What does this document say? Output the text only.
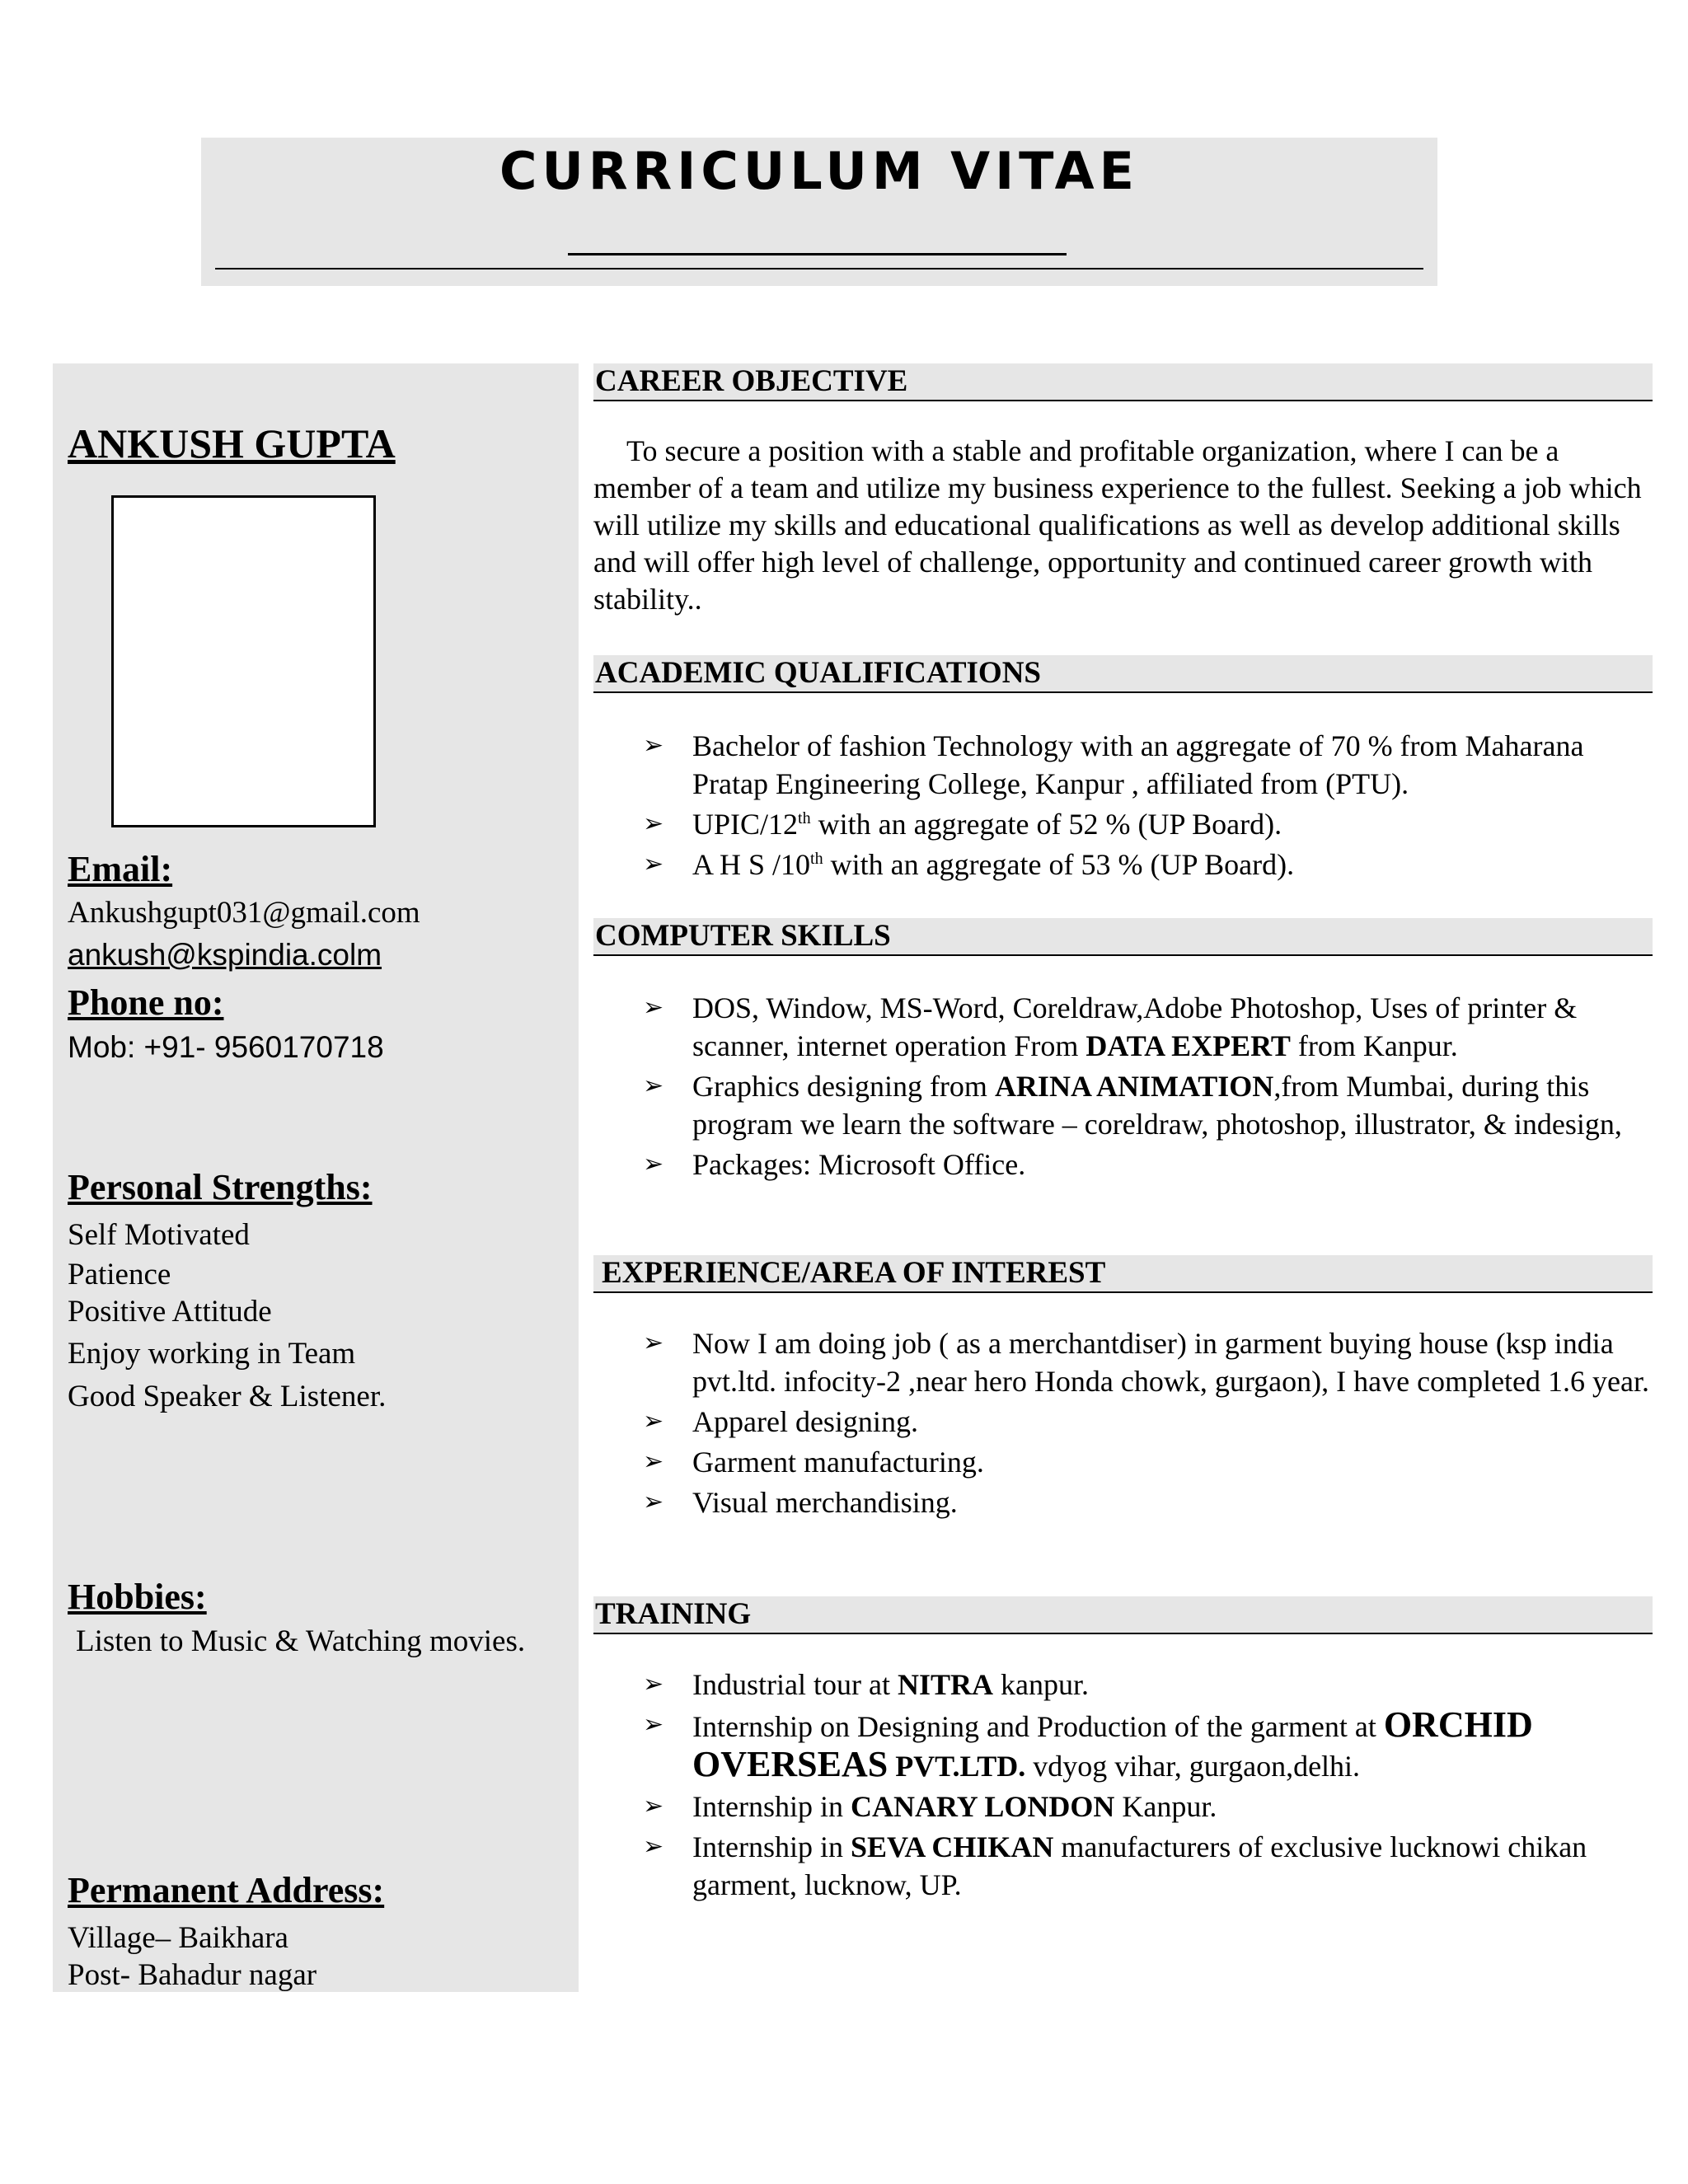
CURRICULUM VITAE
ANKUSH GUPTA
Email:
Ankushgupt031@gmail.com
ankush@kspindia.colm
Phone no:
Mob: +91- 9560170718
Personal Strengths:
Self Motivated
Patience
Positive Attitude
Enjoy working in Team
Good Speaker & Listener.
Hobbies:
Listen to Music & Watching movies.
Permanent Address:
Village– Baikhara
Post- Bahadur nagar
CAREER OBJECTIVE
To secure a position with a stable and profitable organization, where I can be a member of a team and utilize my business experience to the fullest. Seeking a job which will utilize my skills and educational qualifications as well as develop additional skills and will offer high level of challenge, opportunity and continued career growth with stability..
ACADEMIC QUALIFICATIONS
➢ Bachelor of fashion Technology with an aggregate of 70 % from Maharana Pratap Engineering College, Kanpur , affiliated from (PTU).
➢ UPIC/12th with an aggregate of 52 % (UP Board).
➢ A H S /10th with an aggregate of 53 % (UP Board).
COMPUTER SKILLS
➢ DOS, Window, MS-Word, Coreldraw,Adobe Photoshop, Uses of printer & scanner, internet operation From DATA EXPERT from Kanpur.
➢ Graphics designing from ARINA ANIMATION,from Mumbai, during this program we learn the software – coreldraw, photoshop, illustrator, & indesign,
➢ Packages: Microsoft Office.
EXPERIENCE/AREA OF INTEREST
➢ Now I am doing job ( as a merchantdiser) in garment buying house (ksp india pvt.ltd. infocity-2 ,near hero Honda chowk, gurgaon), I have completed 1.6 year.
➢ Apparel designing.
➢ Garment manufacturing.
➢ Visual merchandising.
TRAINING
➢ Industrial tour at NITRA kanpur.
➢ Internship on Designing and Production of the garment at ORCHID OVERSEAS PVT.LTD. vdyog vihar, gurgaon,delhi.
➢ Internship in CANARY LONDON Kanpur.
➢ Internship in SEVA CHIKAN manufacturers of exclusive lucknowi chikan garment, lucknow, UP.
